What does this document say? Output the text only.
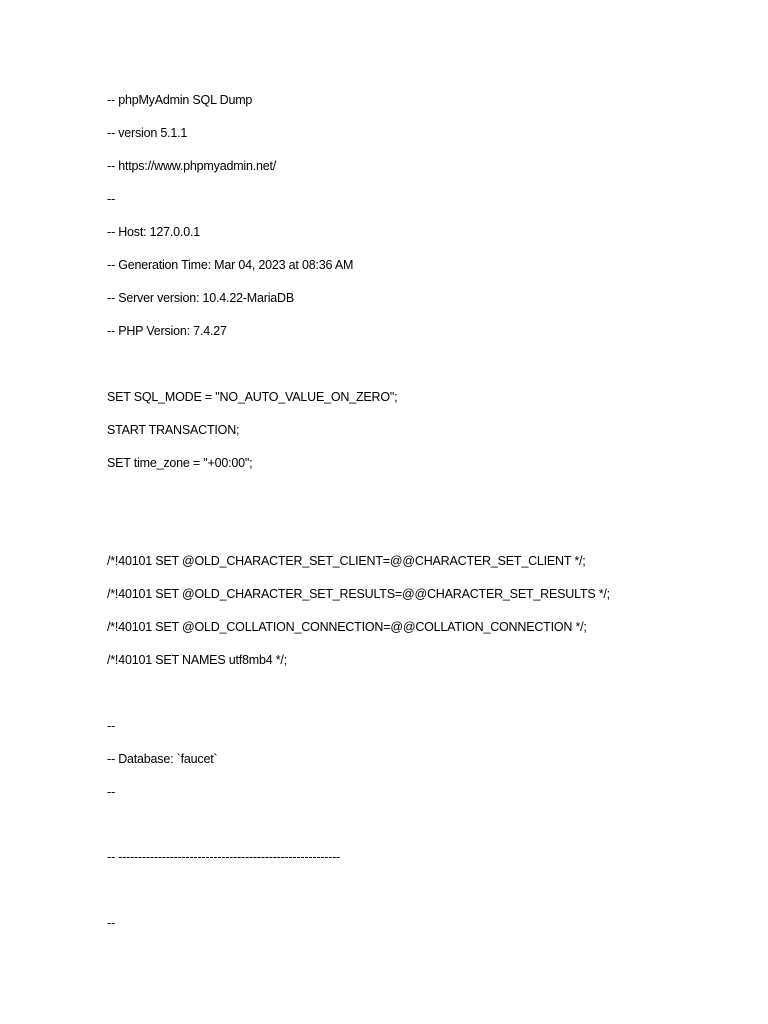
-- phpMyAdmin SQL Dump
-- version 5.1.1
-- https://www.phpmyadmin.net/
--
-- Host: 127.0.0.1
-- Generation Time: Mar 04, 2023 at 08:36 AM
-- Server version: 10.4.22-MariaDB
-- PHP Version: 7.4.27
SET SQL_MODE = "NO_AUTO_VALUE_ON_ZERO";
START TRANSACTION;
SET time_zone = "+00:00";
/*!40101 SET @OLD_CHARACTER_SET_CLIENT=@@CHARACTER_SET_CLIENT */;
/*!40101 SET @OLD_CHARACTER_SET_RESULTS=@@CHARACTER_SET_RESULTS */;
/*!40101 SET @OLD_COLLATION_CONNECTION=@@COLLATION_CONNECTION */;
/*!40101 SET NAMES utf8mb4 */;
--
-- Database: `faucet`
--
-- --------------------------------------------------------
--
